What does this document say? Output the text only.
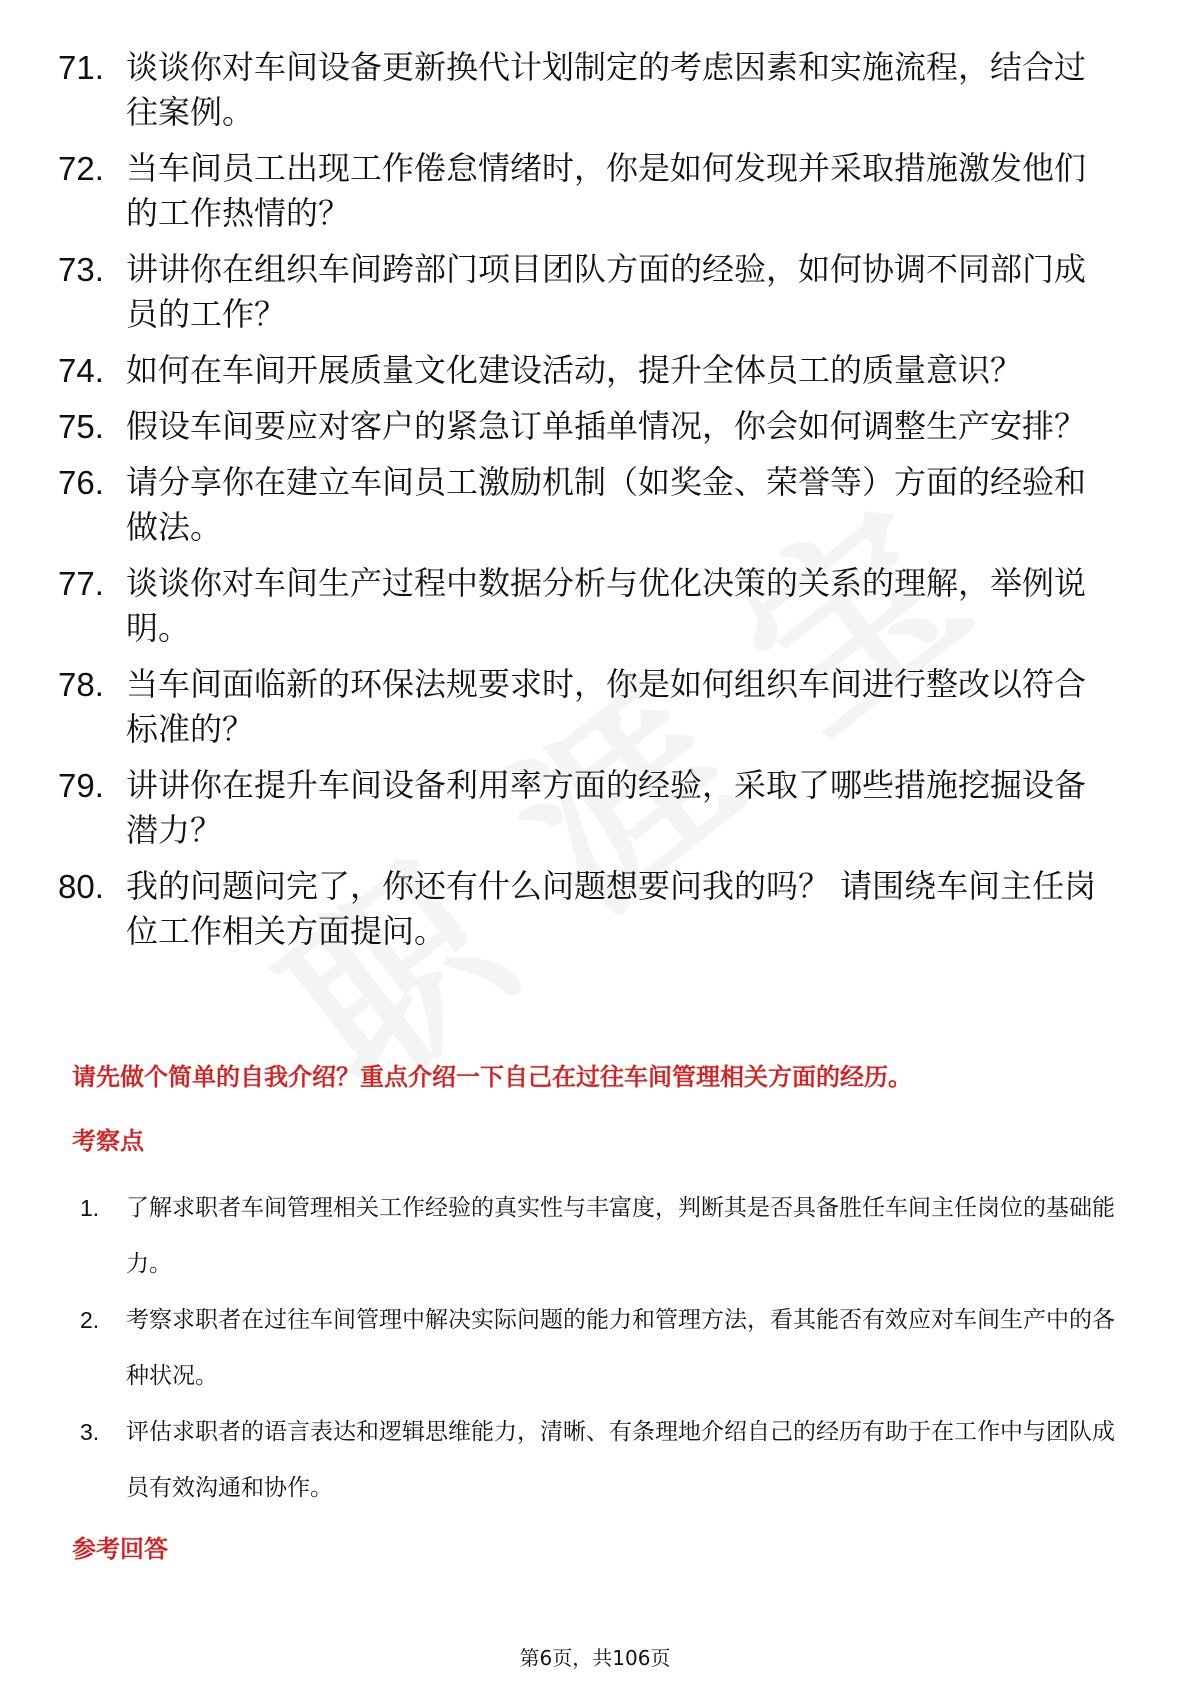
71. 谈谈你对车间设备更新换代计划制定的考虑因素和实施流程，结合过往案例。
72. 当车间员工出现工作倦怠情绪时，你是如何发现并采取措施激发他们的工作热情的？
73. 讲讲你在组织车间跨部门项目团队方面的经验，如何协调不同部门成员的工作？
74. 如何在车间开展质量文化建设活动，提升全体员工的质量意识？
75. 假设车间要应对客户的紧急订单插单情况，你会如何调整生产安排？
76. 请分享你在建立车间员工激励机制（如奖金、荣誉等）方面的经验和做法。
77. 谈谈你对车间生产过程中数据分析与优化决策的关系的理解，举例说明。
78. 当车间面临新的环保法规要求时，你是如何组织车间进行整改以符合标准的？
79. 讲讲你在提升车间设备利用率方面的经验，采取了哪些措施挖掘设备潜力？
80. 我的问题问完了，你还有什么问题想要问我的吗？ 请围绕车间主任岗位工作相关方面提问。
请先做个简单的自我介绍？重点介绍一下自己在过往车间管理相关方面的经历。
考察点
1.	了解求职者车间管理相关工作经验的真实性与丰富度，判断其是否具备胜任车间主任岗位的基础能力。
2.	考察求职者在过往车间管理中解决实际问题的能力和管理方法，看其能否有效应对车间生产中的各种状况。
3.	评估求职者的语言表达和逻辑思维能力，清晰、有条理地介绍自己的经历有助于在工作中与团队成员有效沟通和协作。
参考回答
第6页，共106页
